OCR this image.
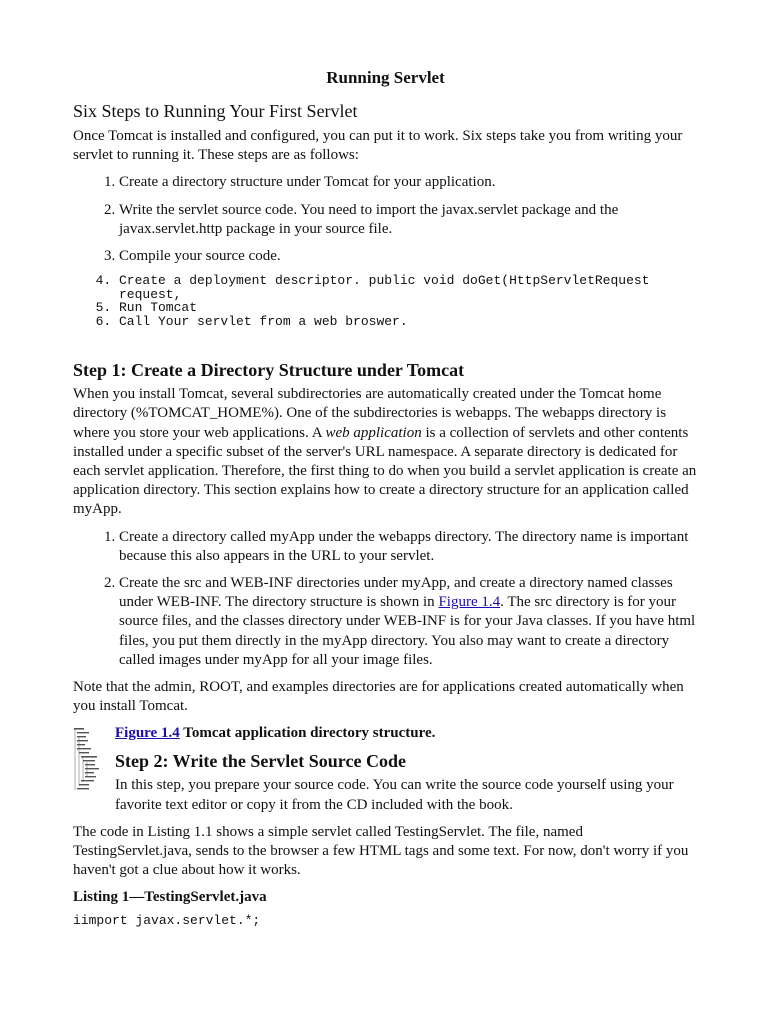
Running Servlet

Six Steps to Running Your First Servlet

Once Tomcat is installed and configured, you can put it to work. Six steps take you from writing your servlet to running it. These steps are as follows:

1. Create a directory structure under Tomcat for your application.
2. Write the servlet source code. You need to import the javax.servlet package and the javax.servlet.http package in your source file.
3. Compile your source code.
4. Create a deployment descriptor. public void doGet(HttpServletRequest request,
5. Run Tomcat
6. Call Your servlet from a web broswer.
Step 1: Create a Directory Structure under Tomcat

When you install Tomcat, several subdirectories are automatically created under the Tomcat home directory (%TOMCAT_HOME%). One of the subdirectories is webapps. The webapps directory is where you store your web applications. A web application is a collection of servlets and other contents installed under a specific subset of the server's URL namespace. A separate directory is dedicated for each servlet application. Therefore, the first thing to do when you build a servlet application is create an application directory. This section explains how to create a directory structure for an application called myApp.

1. Create a directory called myApp under the webapps directory. The directory name is important because this also appears in the URL to your servlet.
2. Create the src and WEB-INF directories under myApp, and create a directory named classes under WEB-INF. The directory structure is shown in Figure 1.4. The src directory is for your source files, and the classes directory under WEB-INF is for your Java classes. If you have html files, you put them directly in the myApp directory. You also may want to create a directory called images under myApp for all your image files.

Note that the admin, ROOT, and examples directories are for applications created automatically when you install Tomcat.

Figure 1.4 Tomcat application directory structure.

Step 2: Write the Servlet Source Code

In this step, you prepare your source code. You can write the source code yourself using your favorite text editor or copy it from the CD included with the book.

The code in Listing 1.1 shows a simple servlet called TestingServlet. The file, named TestingServlet.java, sends to the browser a few HTML tags and some text. For now, don't worry if you haven't got a clue about how it works.

Listing 1—TestingServlet.java

iimport javax.servlet.*;
